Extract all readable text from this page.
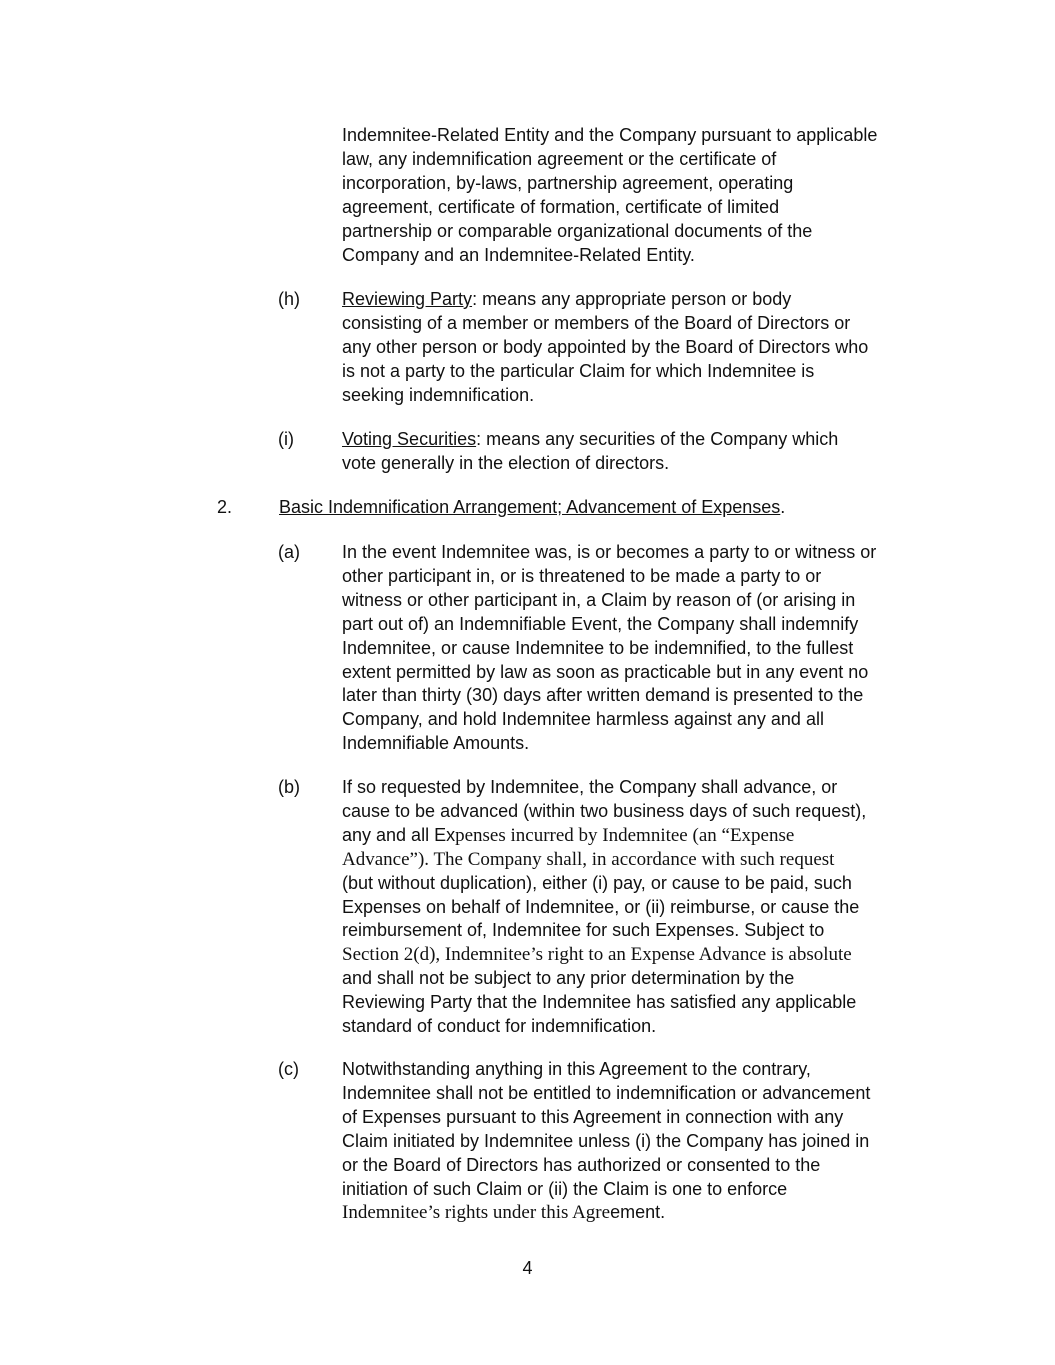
Indemnitee-Related Entity and the Company pursuant to applicable
law, any indemnification agreement or the certificate of
incorporation, by-laws, partnership agreement, operating
agreement, certificate of formation, certificate of limited
partnership or comparable organizational documents of the
Company and an Indemnitee-Related Entity.
(h) Reviewing Party: means any appropriate person or body
consisting of a member or members of the Board of Directors or
any other person or body appointed by the Board of Directors who
is not a party to the particular Claim for which Indemnitee is
seeking indemnification.
(i)	Voting Securities: means any securities of the Company which
vote generally in the election of directors.
2.	Basic Indemnification Arrangement; Advancement of Expenses.
(a) In the event Indemnitee was, is or becomes a party to or witness or
other participant in, or is threatened to be made a party to or
witness or other participant in, a Claim by reason of (or arising in
part out of) an Indemnifiable Event, the Company shall indemnify
Indemnitee, or cause Indemnitee to be indemnified, to the fullest
extent permitted by law as soon as practicable but in any event no
later than thirty (30) days after written demand is presented to the
Company, and hold Indemnitee harmless against any and all
Indemnifiable Amounts.
(b) If so requested by Indemnitee, the Company shall advance, or
cause to be advanced (within two business days of such request),
any and all Expenses incurred by Indemnitee (an “Expense
Advance”). The Company shall, in accordance with such request
(but without duplication), either (i) pay, or cause to be paid, such
Expenses on behalf of Indemnitee, or (ii) reimburse, or cause the
reimbursement of, Indemnitee for such Expenses. Subject to
Section 2(d), Indemnitee’s right to an Expense Advance is absolute
and shall not be subject to any prior determination by the
Reviewing Party that the Indemnitee has satisfied any applicable
standard of conduct for indemnification.
(c) Notwithstanding anything in this Agreement to the contrary,
Indemnitee shall not be entitled to indemnification or advancement
of Expenses pursuant to this Agreement in connection with any
Claim initiated by Indemnitee unless (i) the Company has joined in
or the Board of Directors has authorized or consented to the
initiation of such Claim or (ii) the Claim is one to enforce
Indemnitee’s rights under this Agreement.
4
